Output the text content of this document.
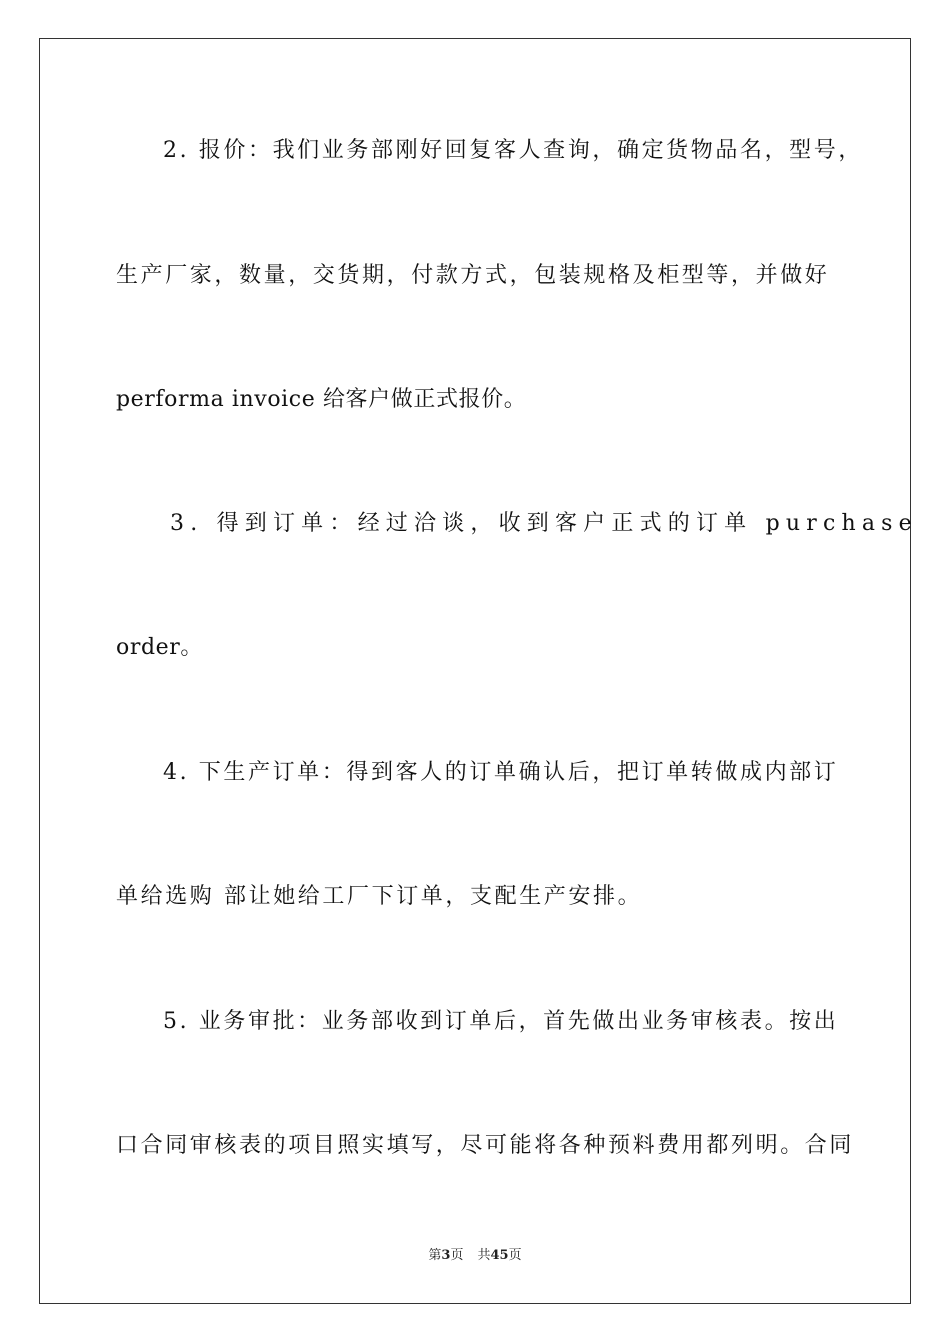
2. 报价：我们业务部刚好回复客人查询，确定货物品名，型号，
生产厂家，数量，交货期，付款方式，包装规格及柜型等，并做好
performa invoice 给客户做正式报价。
3. 得到订单：经过洽谈，收到客户正式的订单 purchase
order。
4. 下生产订单：得到客人的订单确认后，把订单转做成内部订
单给选购 部让她给工厂下订单，支配生产安排。
5. 业务审批：业务部收到订单后，首先做出业务审核表。按出
口合同审核表的项目照实填写，尽可能将各种预料费用都列明。合同
第3页 共45页
